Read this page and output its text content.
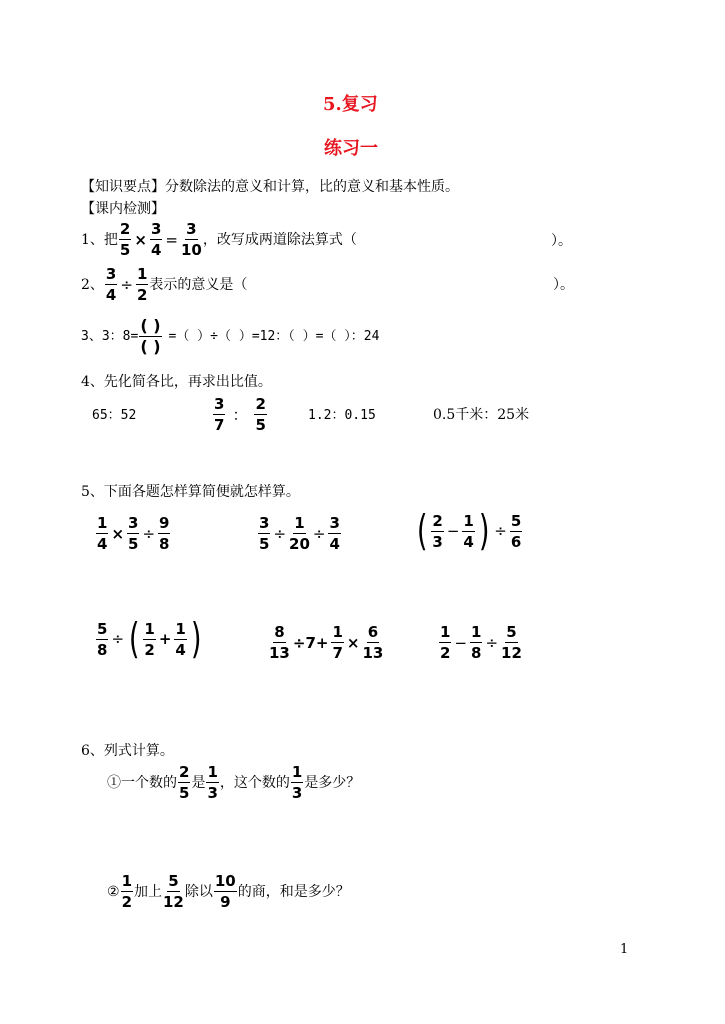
5.复习
练习一
【知识要点】分数除法的意义和计算，比的意义和基本性质。
【课内检测】
1、 把 $\frac{2}{5} \times \frac{3}{4} = \frac{3}{10}$ ，改写成两道除法算式（	）。
2、 $\frac{3}{4} \div \frac{1}{2}$ 表示的意义是（	）。
3、3：$8= \frac{( )}{( )}$ =（ ）÷（ ）=12：（ ）=（ ）：24
4、先化简各比，再求出比值。
65：52	$\frac{3}{7}$ ： $\frac{2}{5}$	1.2：0.15	0.5千米：25米
5、下面各题怎样算简便就怎样算。
$\frac{1}{4} \times \frac{3}{5} \div \frac{9}{8}$	$\frac{3}{5} \div \frac{1}{20} \div \frac{3}{4}$ ( $\frac{2}{3} - \frac{1}{4}$ ) ÷ $\frac{5}{6}$
$\frac{5}{8}$ ÷ ( $\frac{1}{2} + \frac{1}{4}$ )	$\frac{8}{13} \div 7+ \frac{1}{7} \times \frac{6}{13}$	$\frac{1}{2} - \frac{1}{8} \div \frac{5}{12}$
6、列式计算。
①一个数的 $\frac{2}{5}$ 是 $\frac{1}{3}$ ，这个数的 $\frac{1}{3}$ 是多少？
② $\frac{1}{2}$ 加上 $\frac{5}{12}$ 除以 $\frac{10}{9}$ 的商，和是多少？
1
